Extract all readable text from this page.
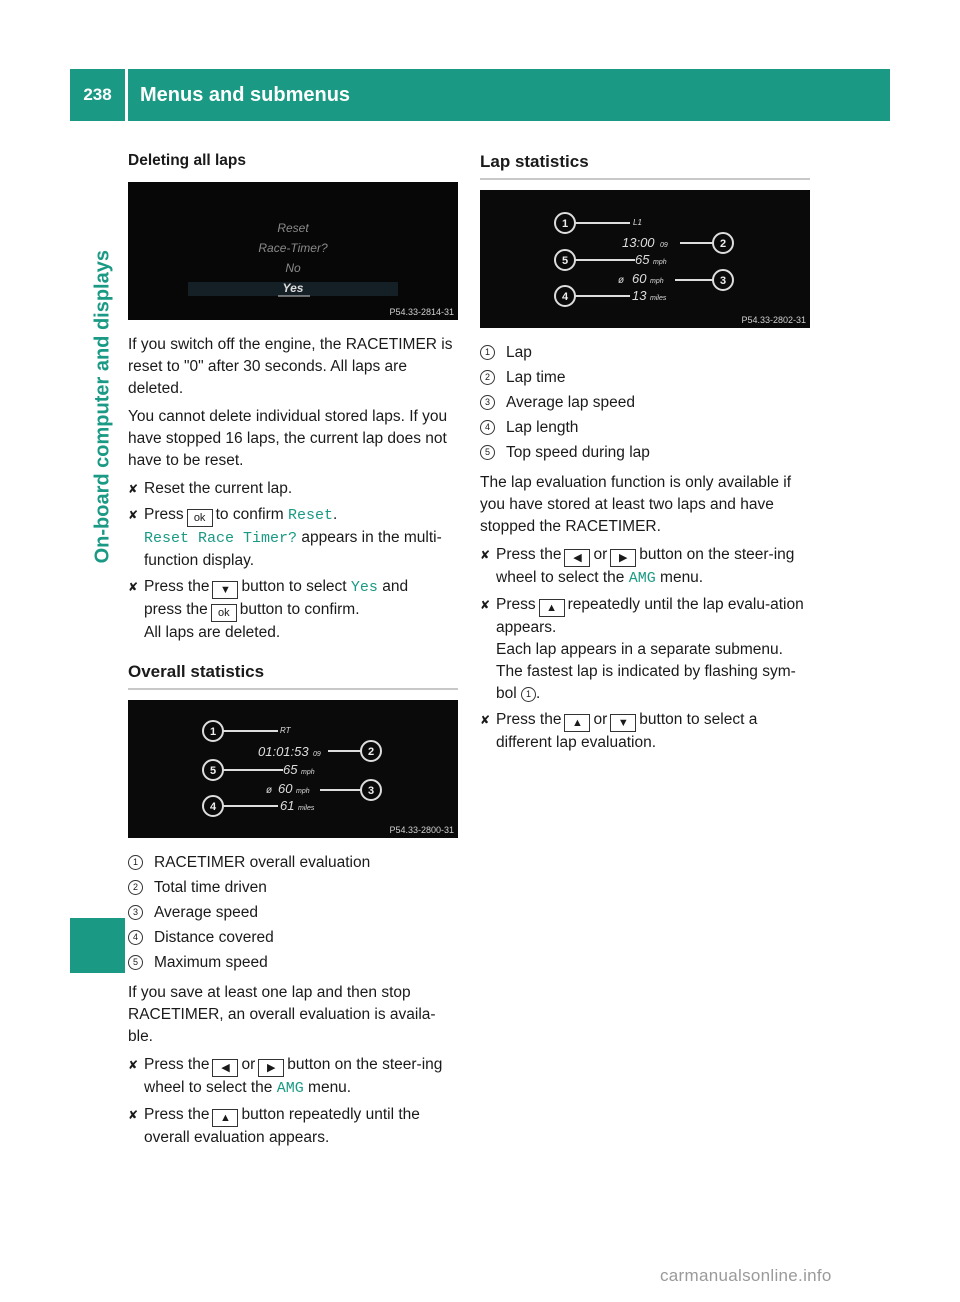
238	Menus and submenus
On-board computer and displays
Deleting all laps
Reset
Race-Timer?
No
Yes
P54.33-2814-31

If you switch off the engine, the RACETIMER is reset to "0" after 30 seconds. All laps are deleted.

You cannot delete individual stored laps. If you have stopped 16 laps, the current lap does not have to be reset.

✘ Reset the current lap.
✘ Press ok to confirm Reset.
Reset Race Timer? appears in the multi-function display.
✘ Press the ▼ button to select Yes and
press the ok button to confirm.
All laps are deleted.
Overall statistics
1
5
4
2
3
RT
01:01:53 09
65 mph
ø 60 mph
61 miles
P54.33-2800-31
1	RACETIMER overall evaluation
2	Total time driven
3	Average speed
4	Distance covered
5	Maximum speed

If you save at least one lap and then stop RACETIMER, an overall evaluation is availa-ble.

✘ Press the ◀ or ▶ button on the steer-ing wheel to select the AMG menu.
✘ Press the ▲ button repeatedly until the overall evaluation appears.
Lap statistics
1
5
4
2
3
L1
13:00 09
65 mph
ø 60 mph
13 miles
P54.33-2802-31
1	Lap
2	Lap time
3	Average lap speed
4	Lap length
5	Top speed during lap

The lap evaluation function is only available if you have stored at least two laps and have stopped the RACETIMER.

✘ Press the ◀ or ▶ button on the steer-ing wheel to select the AMG menu.
✘ Press ▲ repeatedly until the lap evalu-ation appears.
Each lap appears in a separate submenu.
The fastest lap is indicated by flashing sym-bol 1 .
✘ Press the ▲ or ▼ button to select a different lap evaluation.
carmanualsonline.info
